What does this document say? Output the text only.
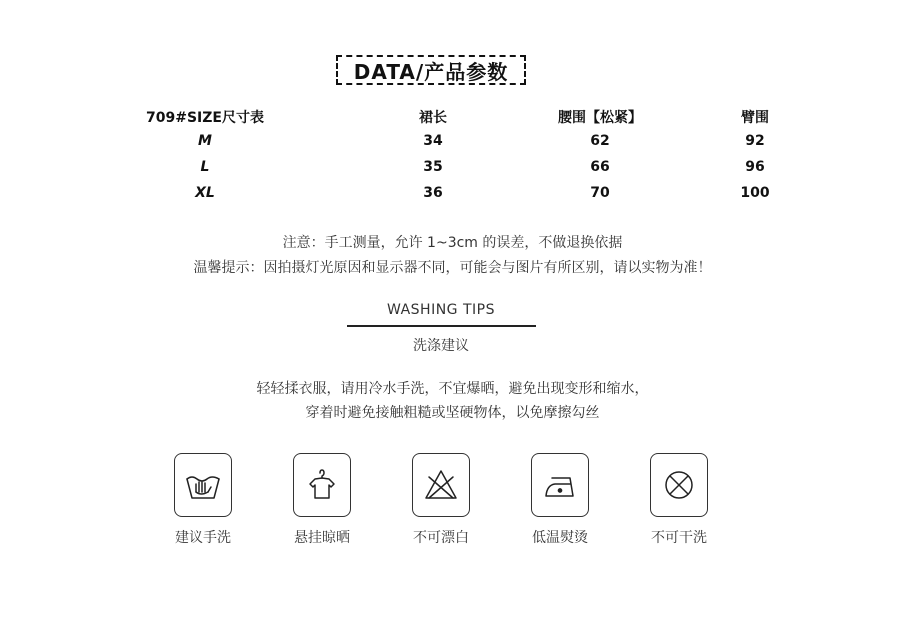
DATA/产品参数
709#SIZE尺寸表	裙长	腰围【松紧】	臂围
M	34	62	92
L	35	66	96
XL	36	70	100
注意：手工测量，允许 1~3cm 的误差，不做退换依据
温馨提示：因拍摄灯光原因和显示器不同，可能会与图片有所区别，请以实物为准！
WASHING TIPS
洗涤建议
轻轻揉衣服，请用冷水手洗，不宜爆晒，避免出现变形和缩水，
穿着时避免接触粗糙或坚硬物体，以免摩擦勾丝
建议手洗	悬挂晾晒	不可漂白	低温熨烫	不可干洗
